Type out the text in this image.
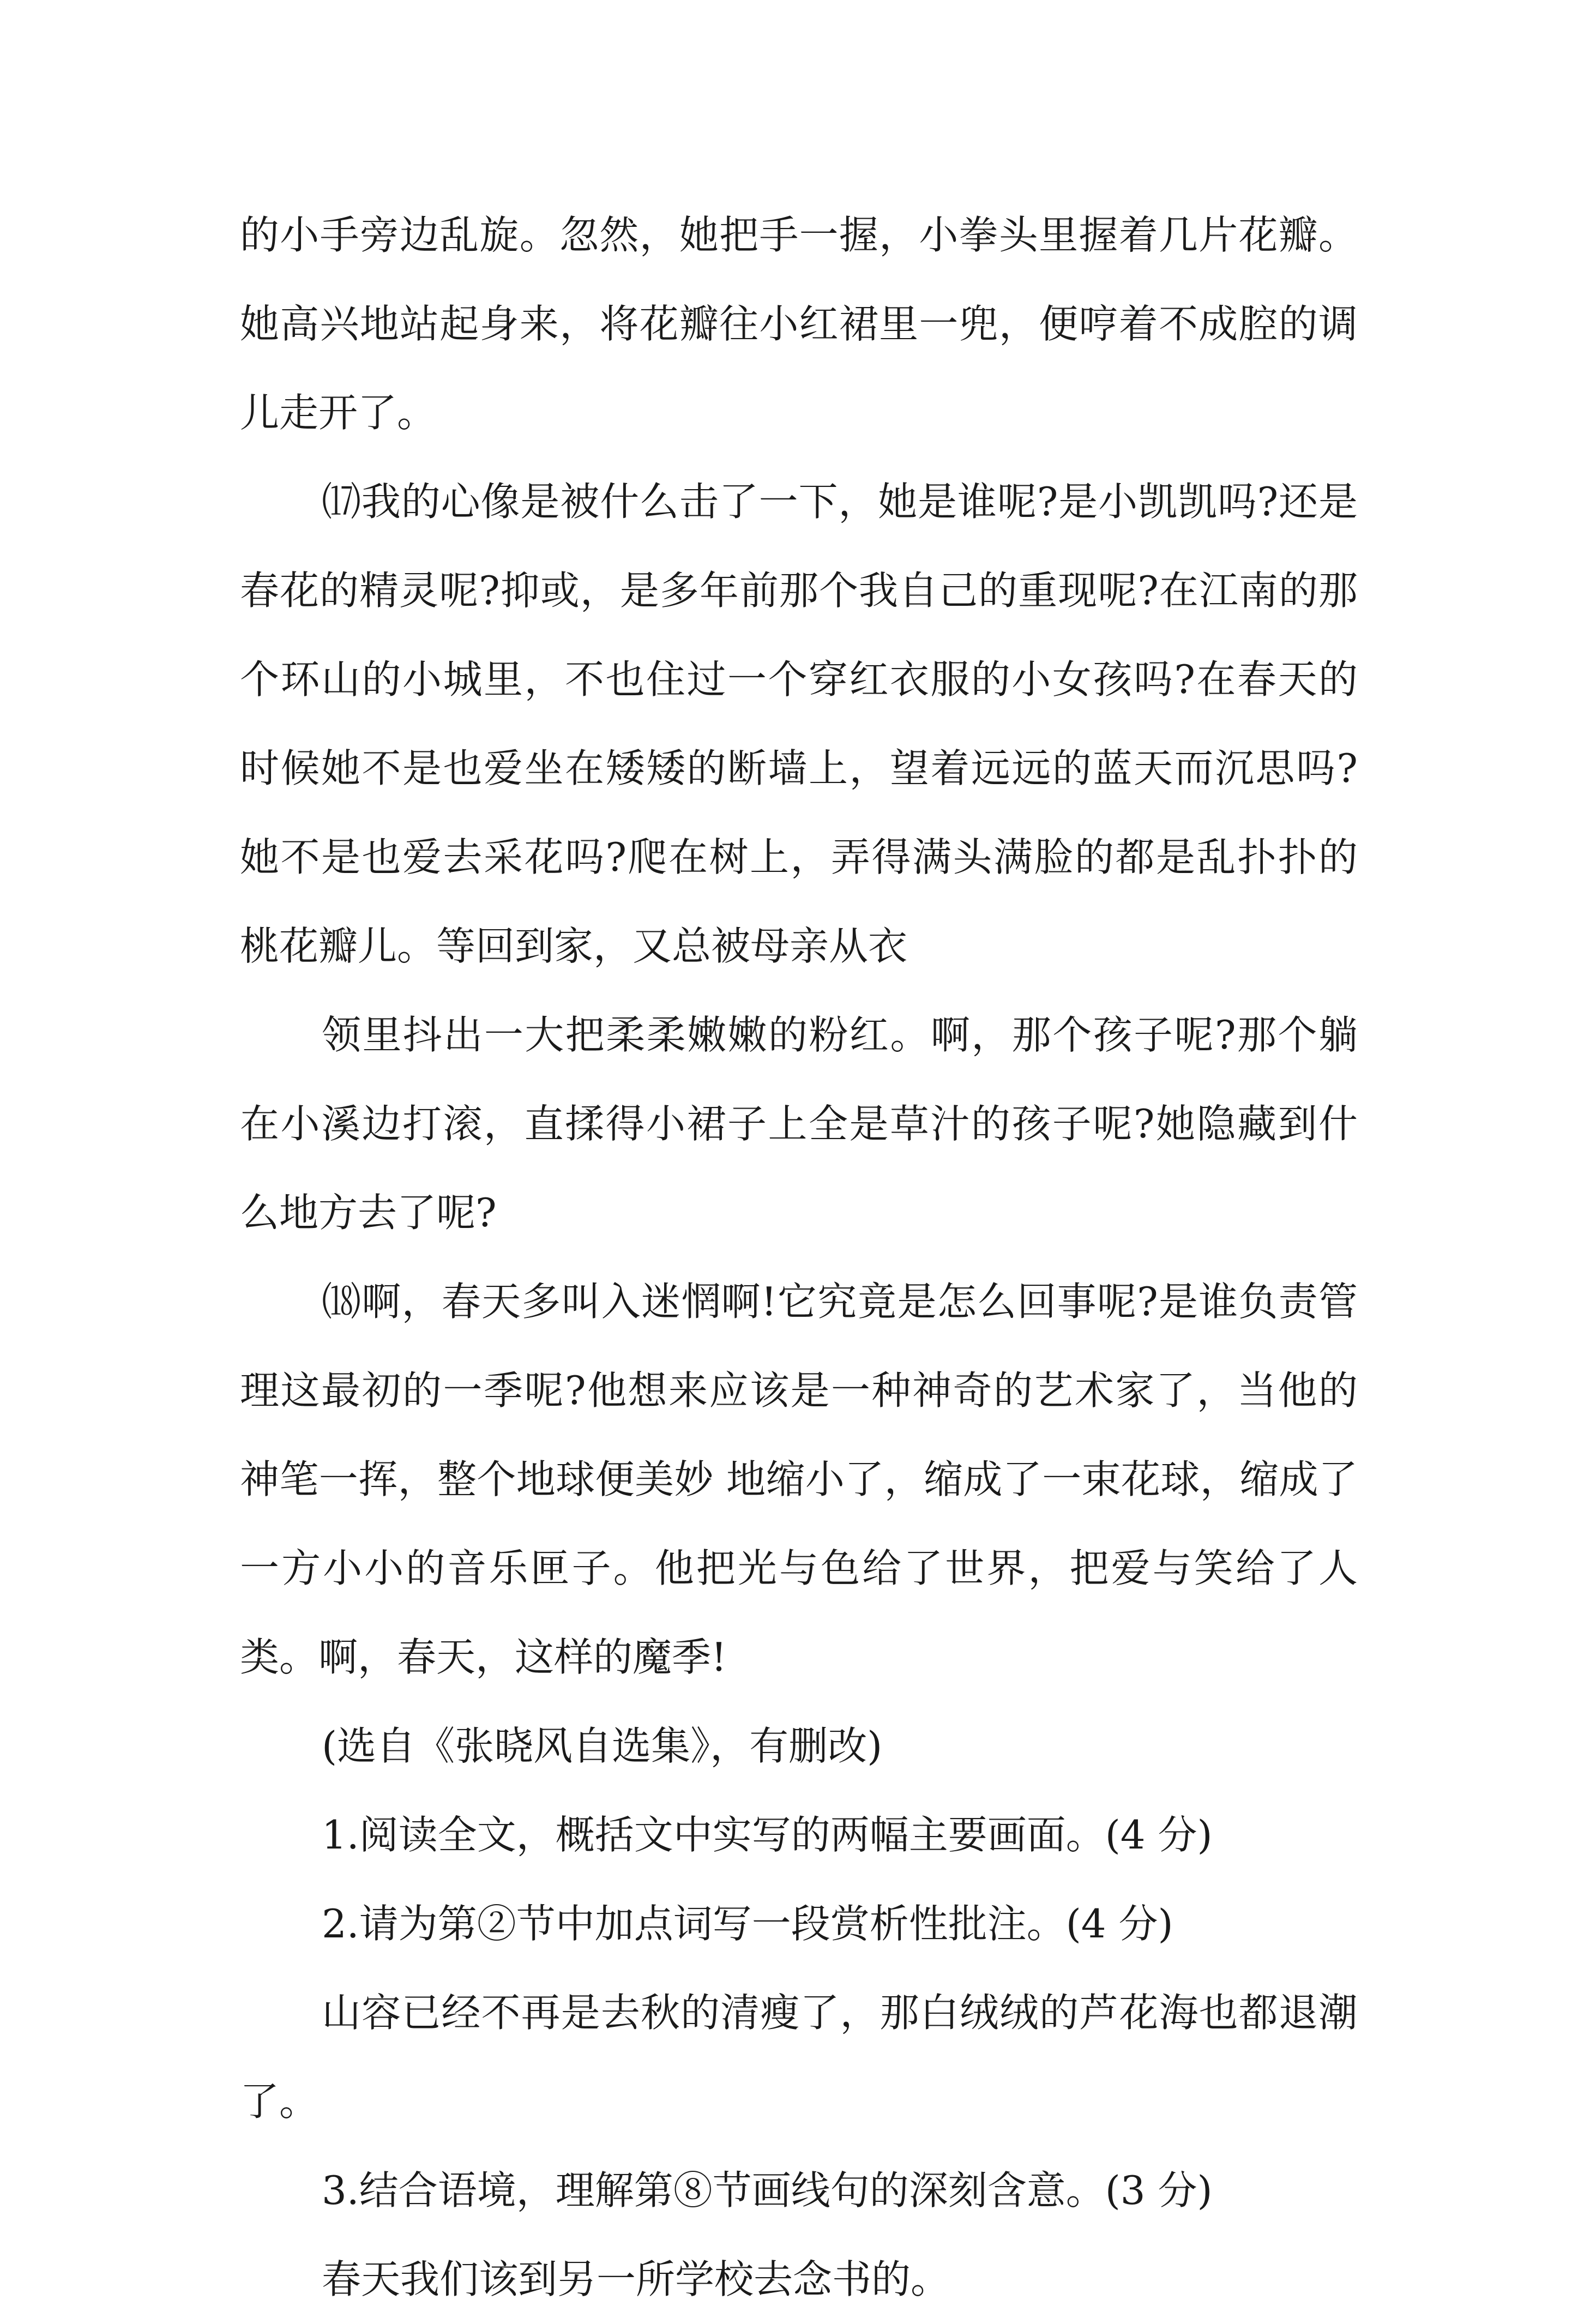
的小手旁边乱旋。忽然，她把手一握，小拳头里握着几片花瓣。她高兴地站起身来，将花瓣往小红裙里一兜，便哼着不成腔的调儿走开了。

⒄我的心像是被什么击了一下，她是谁呢?是小凯凯吗?还是春花的精灵呢?抑或，是多年前那个我自己的重现呢?在江南的那个环山的小城里，不也住过一个穿红衣服的小女孩吗?在春天的时候她不是也爱坐在矮矮的断墙上，望着远远的蓝天而沉思吗?她不是也爱去采花吗?爬在树上，弄得满头满脸的都是乱扑扑的桃花瓣儿。等回到家，又总被母亲从衣

领里抖出一大把柔柔嫩嫩的粉红。啊，那个孩子呢?那个躺在小溪边打滚，直揉得小裙子上全是草汁的孩子呢?她隐藏到什么地方去了呢?

⒅啊，春天多叫入迷惘啊!它究竟是怎么回事呢?是谁负责管理这最初的一季呢?他想来应该是一种神奇的艺术家了，当他的神笔一挥，整个地球便美妙 地缩小了，缩成了一束花球，缩成了一方小小的音乐匣子。他把光与色给了世界，把爱与笑给了人类。啊，春天，这样的魔季!

(选自《张晓风自选集》，有删改)

1.阅读全文，概括文中实写的两幅主要画面。(4 分)

2.请为第②节中加点词写一段赏析性批注。(4 分)

山容已经不再是去秋的清瘦了，那白绒绒的芦花海也都退潮了。

3.结合语境，理解第⑧节画线句的深刻含意。(3 分)

春天我们该到另一所学校去念书的。
